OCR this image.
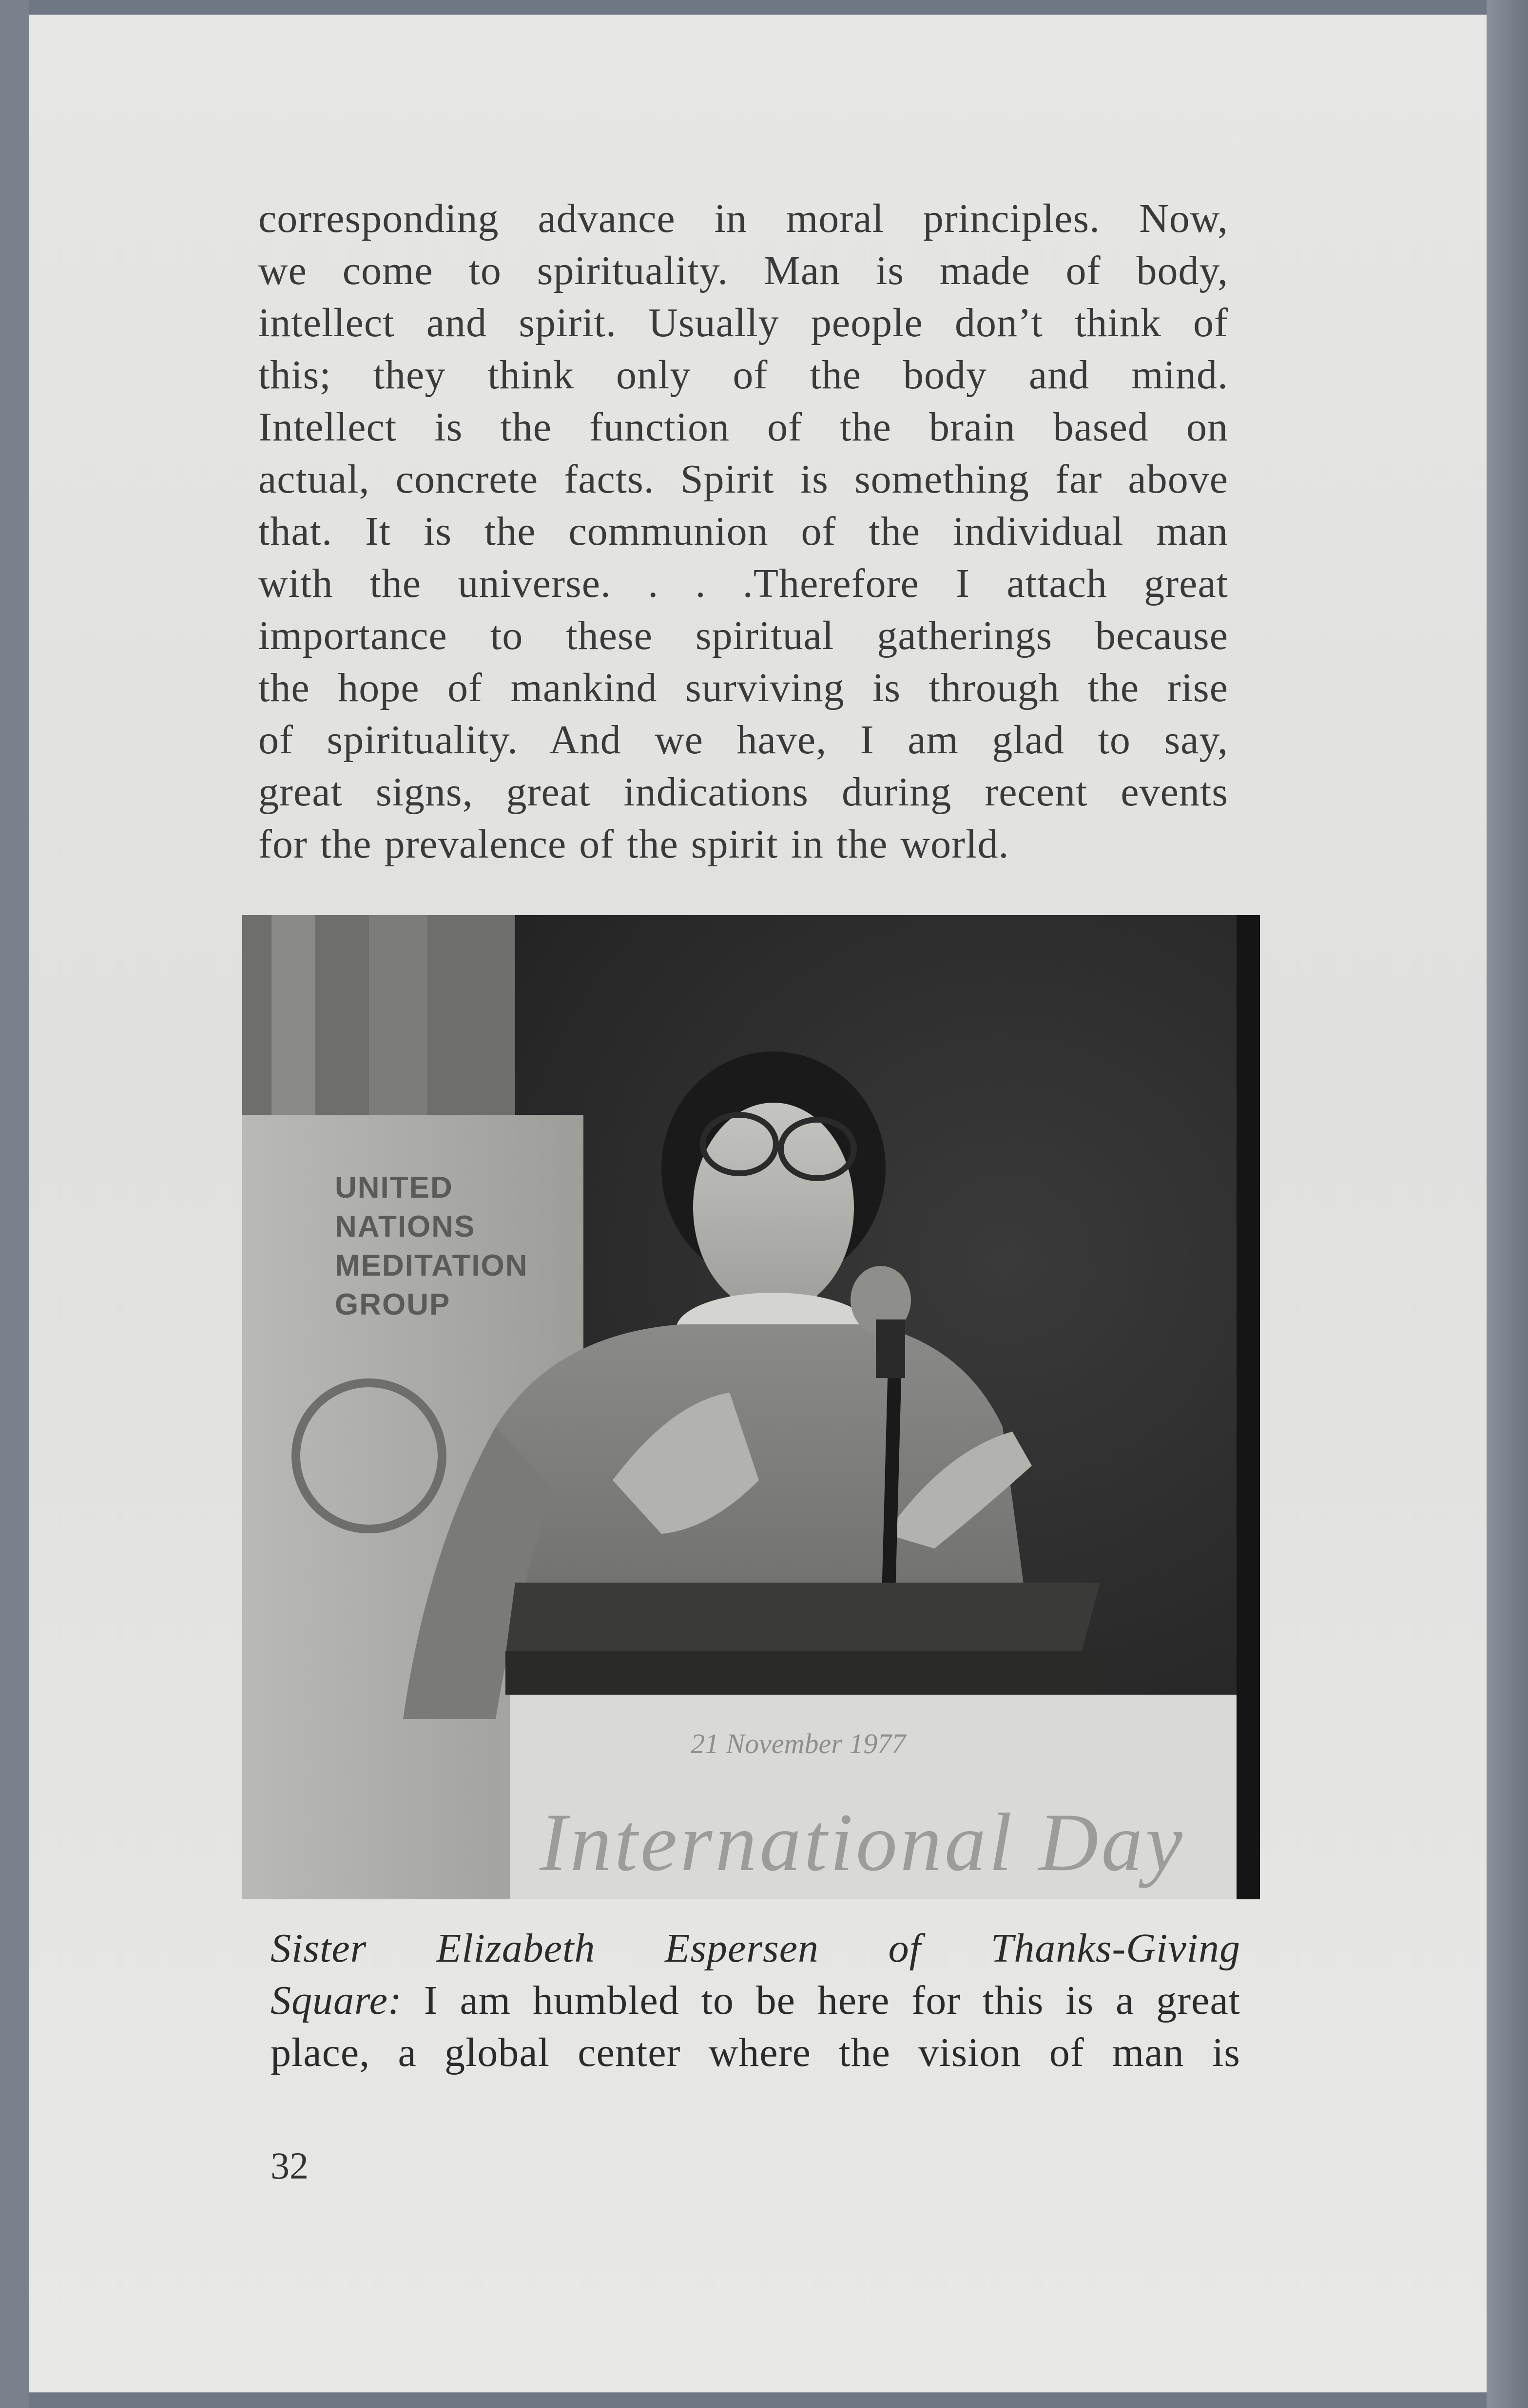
corresponding advance in moral principles. Now,
we come to spirituality. Man is made of body,
intellect and spirit. Usually people don’t think of
this; they think only of the body and mind.
Intellect is the function of the brain based on
actual, concrete facts. Spirit is something far above
that. It is the communion of the individual man
with the universe. . . .Therefore I attach great
importance to these spiritual gatherings because
the hope of mankind surviving is through the rise
of spirituality. And we have, I am glad to say,
great signs, great indications during recent events
for the prevalence of the spirit in the world.
UNITED
NATIONS
MEDITATION
GROUP
21 November 1977
International Day
Sister Elizabeth Espersen of Thanks-Giving
Square: I am humbled to be here for this is a great
place, a global center where the vision of man is
32
